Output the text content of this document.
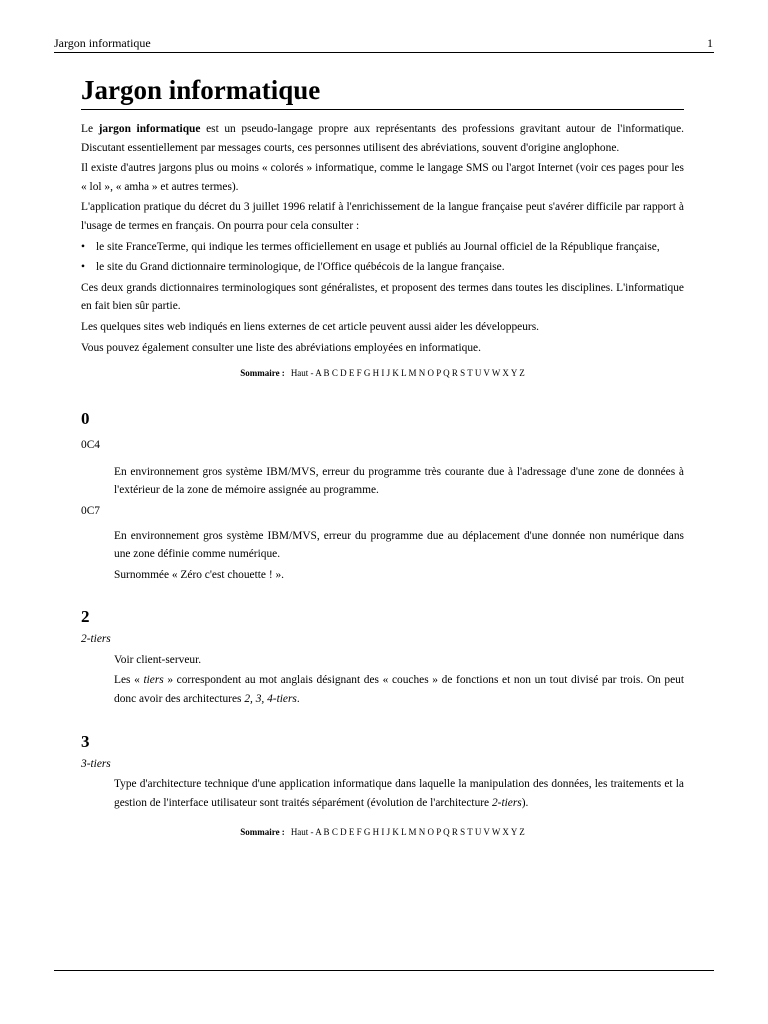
Jargon informatique	1
Jargon informatique

Le jargon informatique est un pseudo-langage propre aux représentants des professions gravitant autour de l'informatique. Discutant essentiellement par messages courts, ces personnes utilisent des abréviations, souvent d'origine anglophone.

Il existe d'autres jargons plus ou moins « colorés » informatique, comme le langage SMS ou l'argot Internet (voir ces pages pour les « lol », « amha » et autres termes).

L'application pratique du décret du 3 juillet 1996 relatif à l'enrichissement de la langue française peut s'avérer difficile par rapport à l'usage de termes en français. On pourra pour cela consulter :

• le site FranceTerme, qui indique les termes officiellement en usage et publiés au Journal officiel de la République française,
• le site du Grand dictionnaire terminologique, de l'Office québécois de la langue française.

Ces deux grands dictionnaires terminologiques sont généralistes, et proposent des termes dans toutes les disciplines. L'informatique en fait bien sûr partie.

Les quelques sites web indiqués en liens externes de cet article peuvent aussi aider les développeurs.

Vous pouvez également consulter une liste des abréviations employées en informatique.

Sommaire : Haut - A B C D E F G H I J K L M N O P Q R S T U V W X Y Z
0
0C4

En environnement gros système IBM/MVS, erreur du programme très courante due à l'adressage d'une zone de données à l'extérieur de la zone de mémoire assignée au programme.

0C7

En environnement gros système IBM/MVS, erreur du programme due au déplacement d'une donnée non numérique dans une zone définie comme numérique.

Surnommée « Zéro c'est chouette ! ».

2
2-tiers

Voir client-serveur.

Les « tiers » correspondent au mot anglais désignant des « couches » de fonctions et non un tout divisé par trois. On peut donc avoir des architectures 2, 3, 4-tiers.

3
3-tiers

Type d'architecture technique d'une application informatique dans laquelle la manipulation des données, les traitements et la gestion de l'interface utilisateur sont traités séparément (évolution de l'architecture 2-tiers).

Sommaire : Haut - A B C D E F G H I J K L M N O P Q R S T U V W X Y Z
